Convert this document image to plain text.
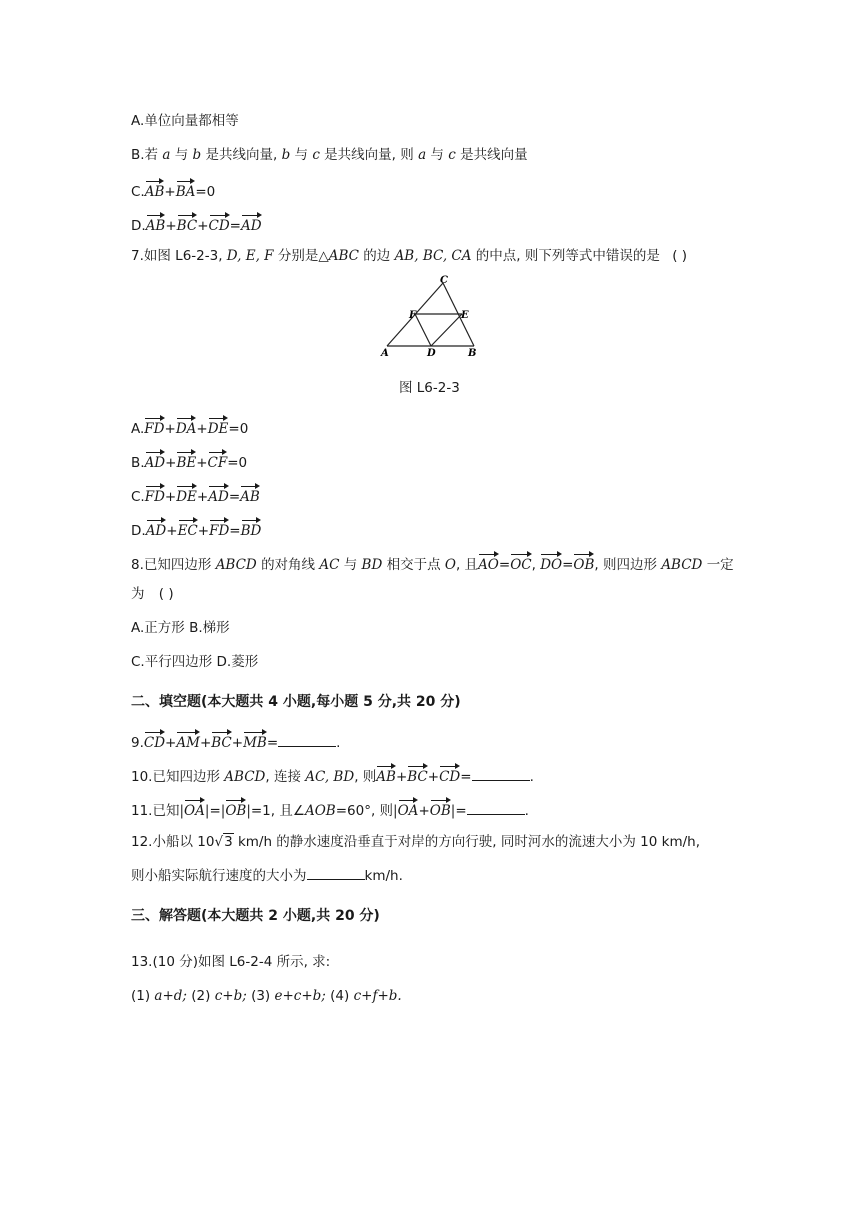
A.单位向量都相等
B.若 a 与 b 是共线向量, b 与 c 是共线向量, 则 a 与 c 是共线向量
C.AB+BA=0
D.AB+BC+CD=AD
7.如图 L6-2-3, D, E, F 分别是△ABC 的边 AB, BC, CA 的中点, 则下列等式中错误的是 ( )
A	B
C
D
E
F
图 L6-2-3
A.FD+DA+DE=0
B.AD+BE+CF=0
C.FD+DE+AD=AB
D.AD+EC+FD=BD
8.已知四边形 ABCD 的对角线 AC 与 BD 相交于点 O, 且AO=OC, DO=OB, 则四边形 ABCD 一定
为 ( )
A.正方形 B.梯形
C.平行四边形 D.菱形
二、填空题(本大题共 4 小题,每小题 5 分,共 20 分)
9.CD+AM+BC+MB=	.
10.已知四边形 ABCD, 连接 AC, BD, 则AB+BC+CD=	.
11.已知|OA|=|OB|=1, 且∠AOB=60°, 则|OA+OB|=	.
12.小船以 10√3 km/h 的静水速度沿垂直于对岸的方向行驶, 同时河水的流速大小为 10 km/h,
则小船实际航行速度的大小为	km/h.
三、解答题(本大题共 2 小题,共 20 分)
13.(10 分)如图 L6-2-4 所示, 求:
(1) a+d; (2) c+b; (3) e+c+b; (4) c+f+b.
